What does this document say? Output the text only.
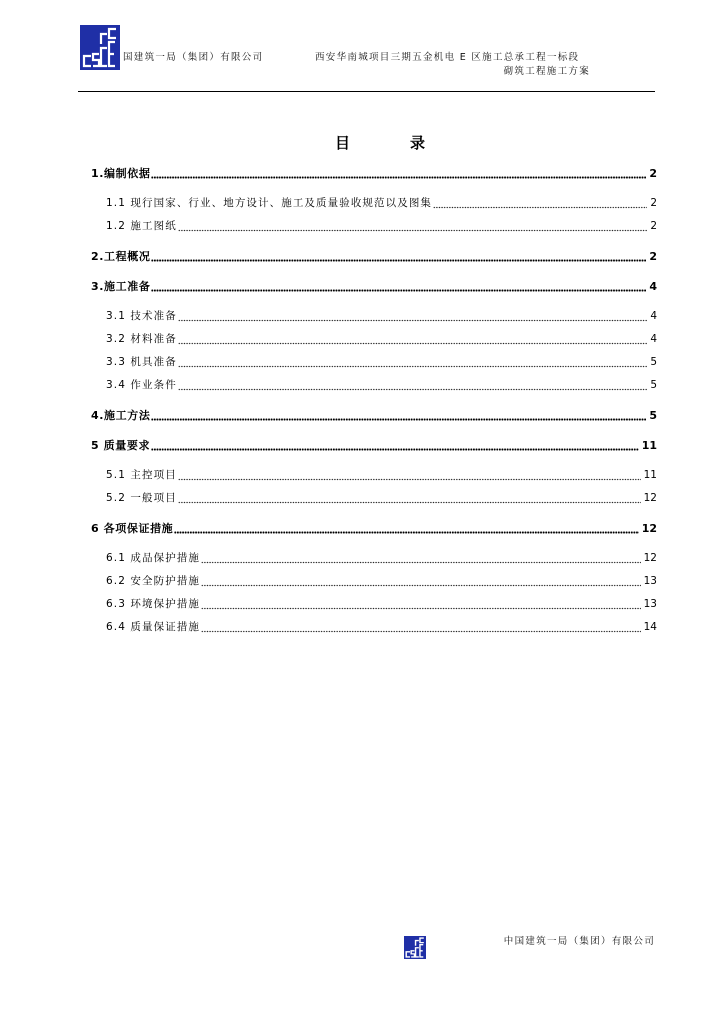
国建筑一局（集团）有限公司	西安华南城项目三期五金机电 E 区施工总承工程一标段
砌筑工程施工方案
目　　　　录
1.编制依据	2
1.1 现行国家、行业、地方设计、施工及质量验收规范以及图集	2
1.2 施工图纸	2
2.工程概况	2
3.施工准备	4
3.1 技术准备	4
3.2 材料准备	4
3.3 机具准备	5
3.4 作业条件	5
4.施工方法	5
5 质量要求	11
5.1 主控项目	11
5.2 一般项目	12
6 各项保证措施	12
6.1 成品保护措施	12
6.2 安全防护措施	13
6.3 环境保护措施	13
6.4 质量保证措施	14
中国建筑一局（集团）有限公司
